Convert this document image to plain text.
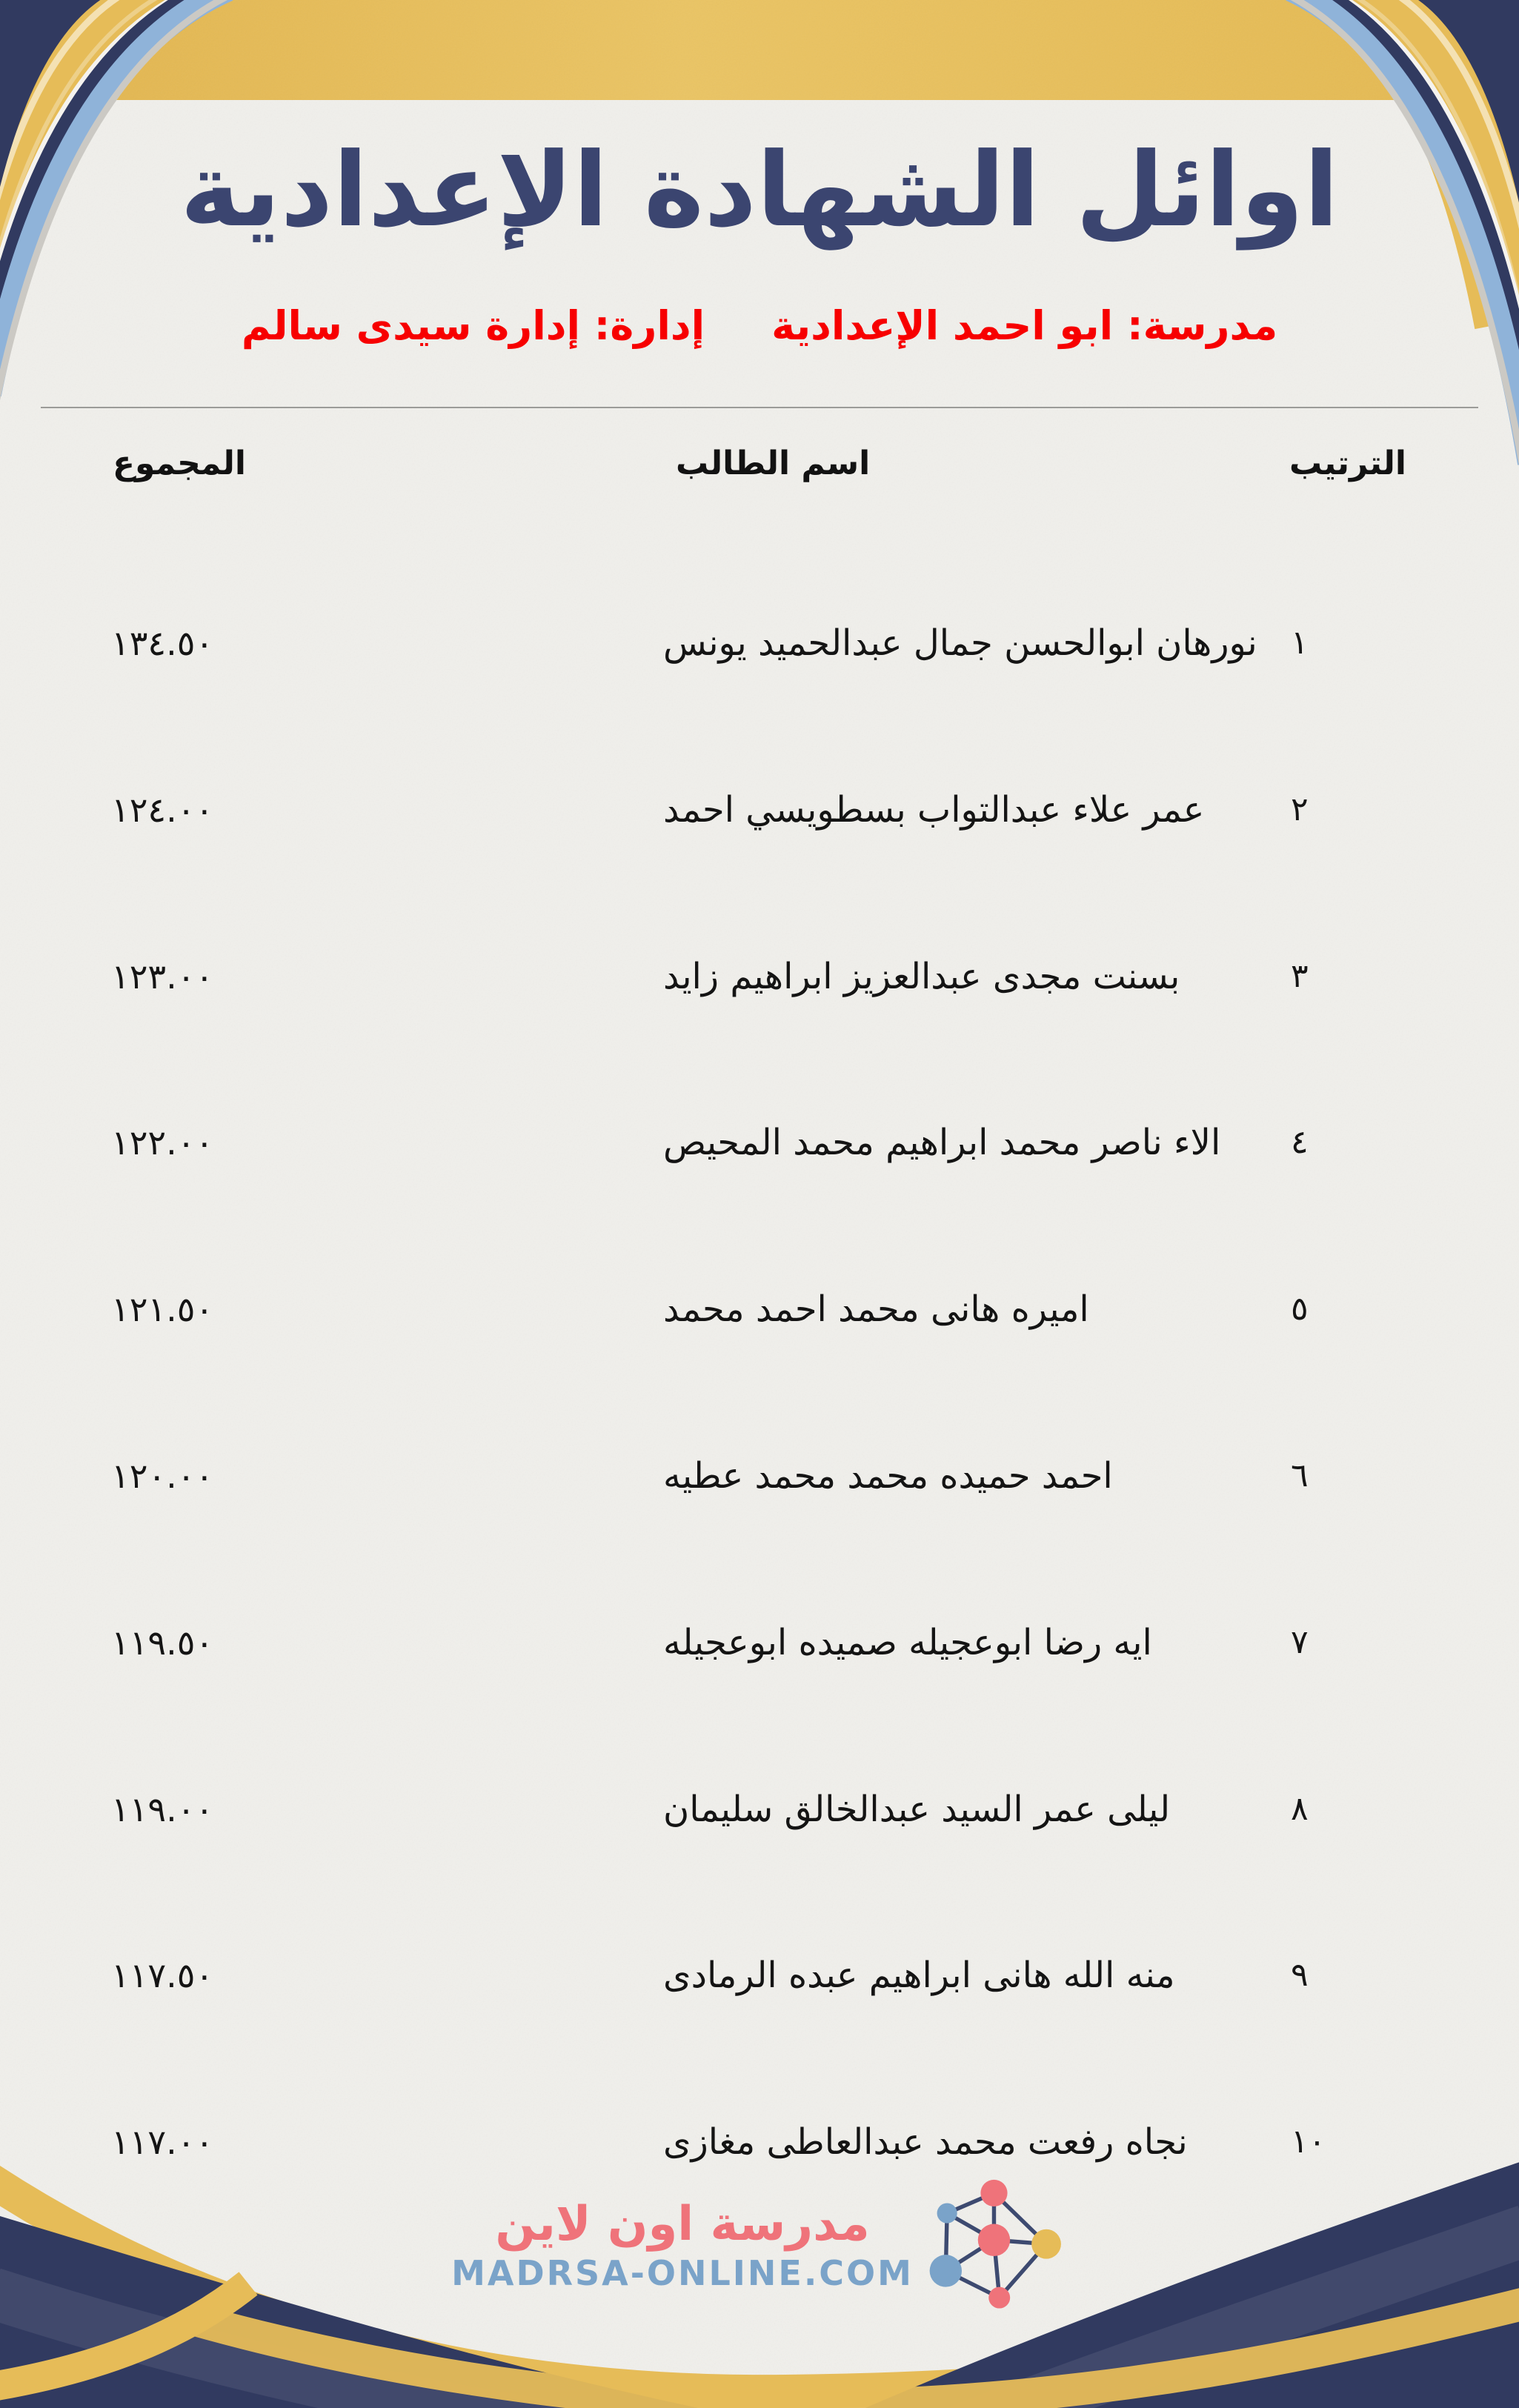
اوائل الشهادة الإعدادية
مدرسة: ابو احمد الإعدادية
إدارة: إدارة سيدى سالم
الترتيب
اسم الطالب
المجموع
١
نورهان ابوالحسن جمال عبدالحميد يونس
١٣٤.٥٠
٢
عمر علاء عبدالتواب بسطويسي احمد
١٢٤.٠٠
٣
بسنت مجدى عبدالعزيز ابراهيم زايد
١٢٣.٠٠
٤
الاء ناصر محمد ابراهيم محمد المحيص
١٢٢.٠٠
٥
اميره هانى محمد احمد محمد
١٢١.٥٠
٦
احمد حميده محمد محمد عطيه
١٢٠.٠٠
٧
ايه رضا ابوعجيله صميده ابوعجيله
١١٩.٥٠
٨
ليلى عمر السيد عبدالخالق سليمان
١١٩.٠٠
٩
منه الله هانى ابراهيم عبده الرمادى
١١٧.٥٠
١٠
نجاه رفعت محمد عبدالعاطى مغازى
١١٧.٠٠
مدرسة اون لاين
MADRSA-ONLINE.COM
